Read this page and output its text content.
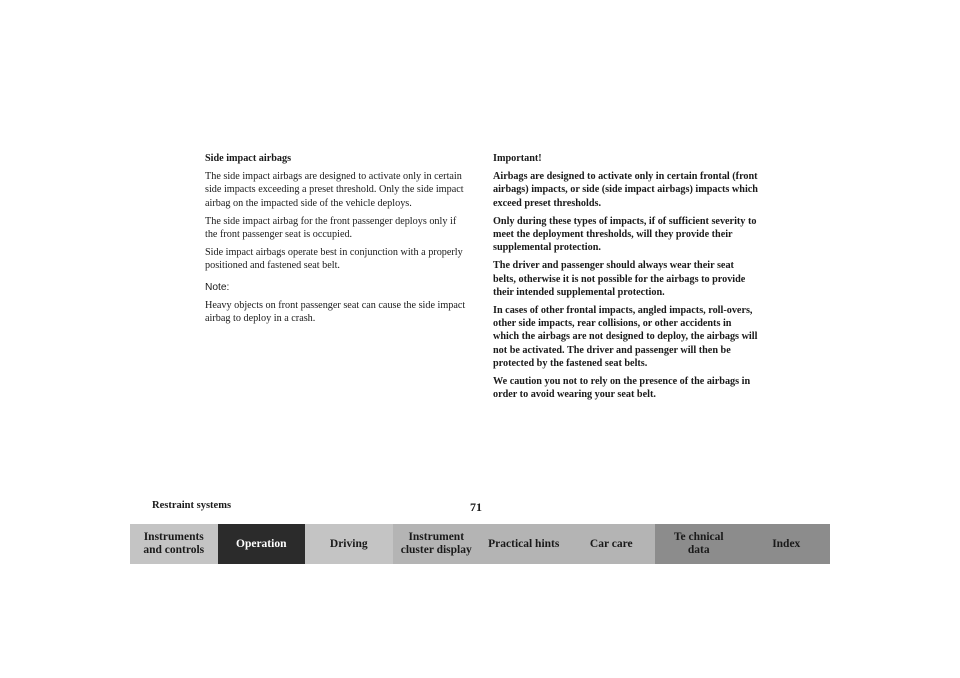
Side impact airbags

The side impact airbags are designed to activate only in certain side impacts exceeding a preset threshold. Only the side impact airbag on the impacted side of the vehicle deploys.

The side impact airbag for the front passenger deploys only if the front passenger seat is occupied.

Side impact airbags operate best in conjunction with a properly positioned and fastened seat belt.

Note:

Heavy objects on front passenger seat can cause the side impact airbag to deploy in a crash.

Important!

Airbags are designed to activate only in certain frontal (front airbags) impacts, or side (side impact airbags) impacts which exceed preset thresholds.

Only during these types of impacts, if of sufficient severity to meet the deployment thresholds, will they provide their supplemental protection.

The driver and passenger should always wear their seat belts, otherwise it is not possible for the airbags to provide their intended supplemental protection.

In cases of other frontal impacts, angled impacts, roll-overs, other side impacts, rear collisions, or other accidents in which the airbags are not designed to deploy, the airbags will not be activated. The driver and passenger will then be protected by the fastened seat belts.

We caution you not to rely on the presence of the airbags in order to avoid wearing your seat belt.

Restraint systems	71
Instruments
and controls
Operation	Driving
Instrument
cluster display
Practical hints	Car care
Te chnical
data
Index
